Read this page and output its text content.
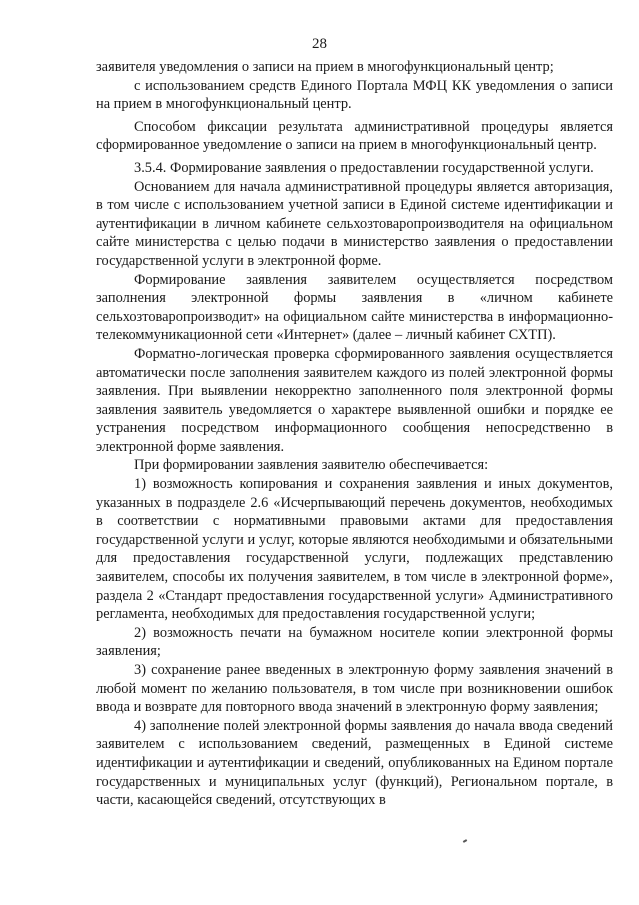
28

заявителя уведомления о записи на прием в многофункциональный центр;

с использованием средств Единого Портала МФЦ КК уведомления о записи на прием в многофункциональный центр.

Способом фиксации результата административной процедуры является сформированное уведомление о записи на прием в многофункциональный центр.

3.5.4. Формирование заявления о предоставлении государственной услуги.

Основанием для начала административной процедуры является авторизация, в том числе с использованием учетной записи в Единой системе идентификации и аутентификации в личном кабинете сельхозтоваропроизводителя на официальном сайте министерства с целью подачи в министерство заявления о предоставлении государственной услуги в электронной форме.

Формирование заявления заявителем осуществляется посредством заполнения электронной формы заявления в «личном кабинете сельхозтоваропроизводит» на официальном сайте министерства в информационно-телекоммуникационной сети «Интернет» (далее – личный кабинет СХТП).

Форматно-логическая проверка сформированного заявления осуществляется автоматически после заполнения заявителем каждого из полей электронной формы заявления. При выявлении некорректно заполненного поля электронной формы заявления заявитель уведомляется о характере выявленной ошибки и порядке ее устранения посредством информационного сообщения непосредственно в электронной форме заявления.

При формировании заявления заявителю обеспечивается:

1) возможность копирования и сохранения заявления и иных документов, указанных в подразделе 2.6 «Исчерпывающий перечень документов, необходимых в соответствии с нормативными правовыми актами для предоставления государственной услуги и услуг, которые являются необходимыми и обязательными для предоставления государственной услуги, подлежащих представлению заявителем, способы их получения заявителем, в том числе в электронной форме», раздела 2 «Стандарт предоставления государственной услуги» Административного регламента, необходимых для предоставления государственной услуги;

2) возможность печати на бумажном носителе копии электронной формы заявления;

3) сохранение ранее введенных в электронную форму заявления значений в любой момент по желанию пользователя, в том числе при возникновении ошибок ввода и возврате для повторного ввода значений в электронную форму заявления;

4) заполнение полей электронной формы заявления до начала ввода сведений заявителем с использованием сведений, размещенных в Единой системе идентификации и аутентификации и сведений, опубликованных на Едином портале государственных и муниципальных услуг (функций), Региональном портале, в части, касающейся сведений, отсутствующих в
